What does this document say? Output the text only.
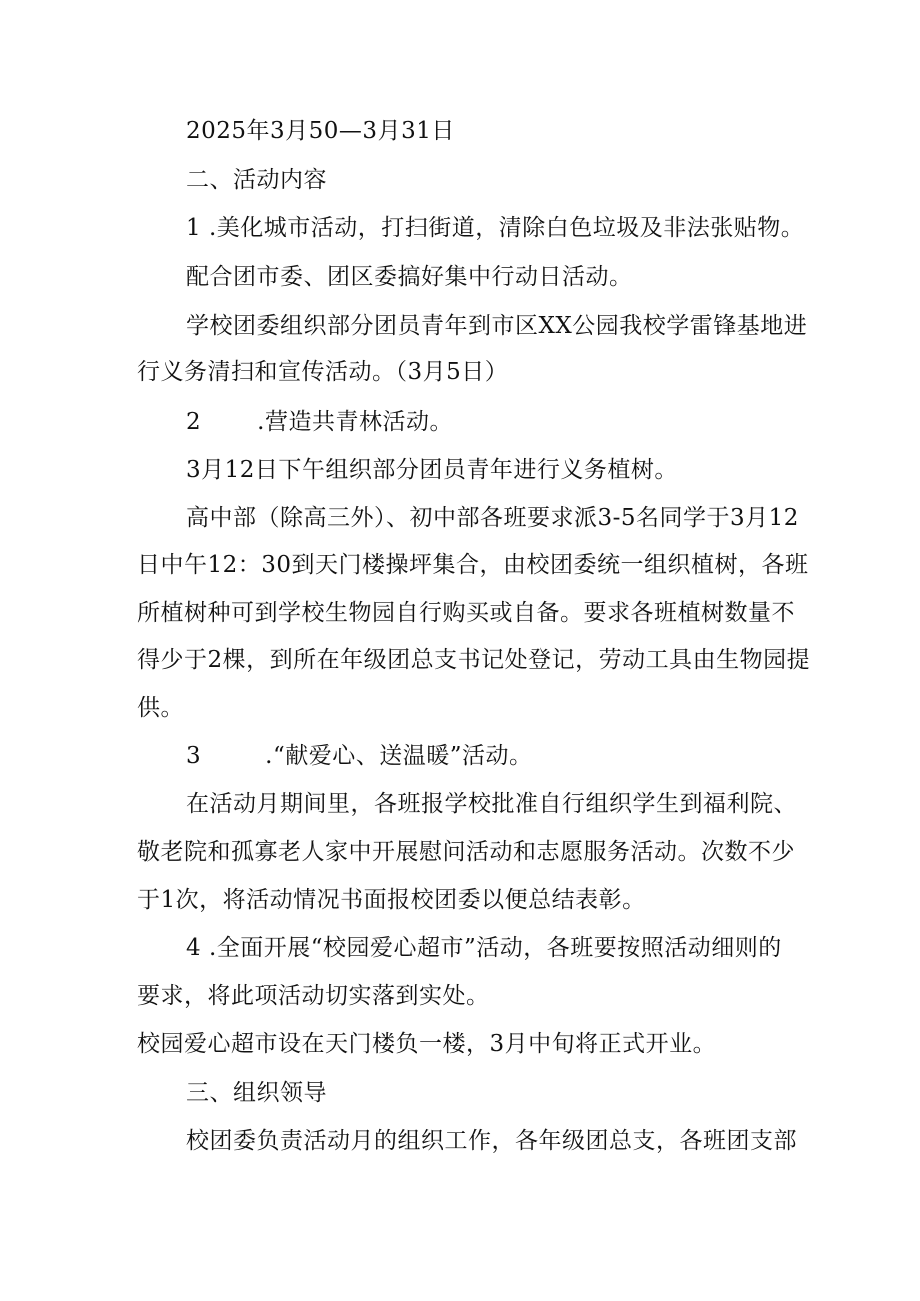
2025年3月50—3月31日
二、活动内容
1 .美化城市活动，打扫街道，清除白色垃圾及非法张贴物。
配合团市委、团区委搞好集中行动日活动。
学校团委组织部分团员青年到市区XX公园我校学雷锋基地进
行义务清扫和宣传活动。（3月5日）
2 .营造共青林活动。
3月12日下午组织部分团员青年进行义务植树。
高中部（除高三外）、初中部各班要求派3-5名同学于3月12
日中午12：30到天门楼操坪集合，由校团委统一组织植树，各班
所植树种可到学校生物园自行购买或自备。要求各班植树数量不
得少于2棵，到所在年级团总支书记处登记，劳动工具由生物园提
供。
3	.“献爱心、送温暖”活动。
在活动月期间里，各班报学校批准自行组织学生到福利院、
敬老院和孤寡老人家中开展慰问活动和志愿服务活动。次数不少
于1次，将活动情况书面报校团委以便总结表彰。
4 .全面开展“校园爱心超市”活动，各班要按照活动细则的
要求，将此项活动切实落到实处。
校园爱心超市设在天门楼负一楼，3月中旬将正式开业。
三、组织领导
校团委负责活动月的组织工作，各年级团总支，各班团支部
